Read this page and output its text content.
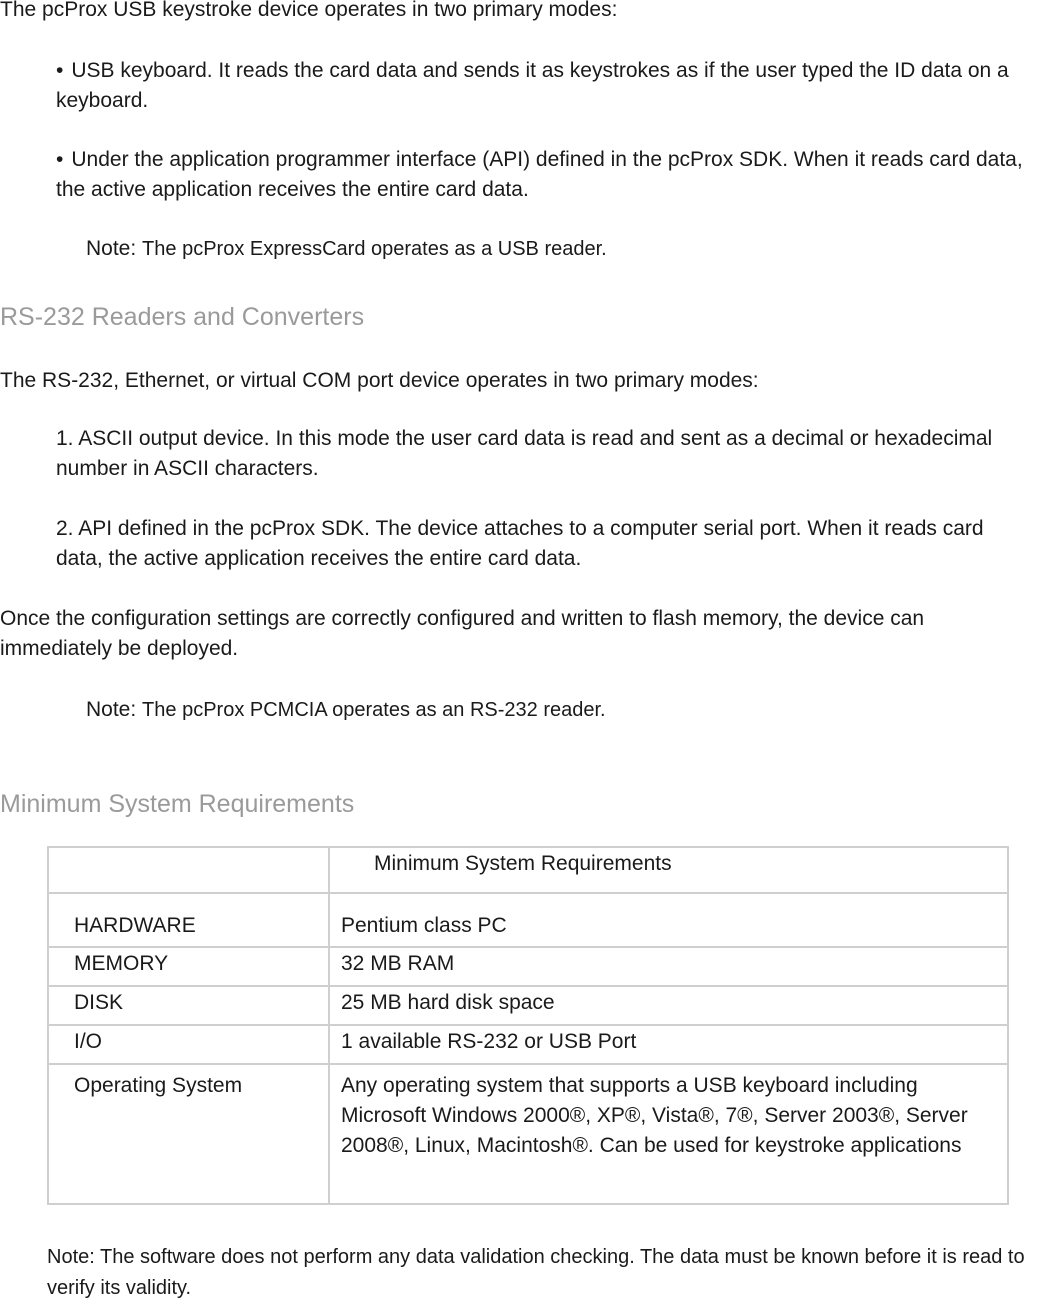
The pcProx USB keystroke device operates in two primary modes:

• USB keyboard. It reads the card data and sends it as keystrokes as if the user typed the ID data on a keyboard.

• Under the application programmer interface (API) defined in the pcProx SDK. When it reads card data, the active application receives the entire card data.

Note: The pcProx ExpressCard operates as a USB reader.

RS-232 Readers and Converters

The RS-232, Ethernet, or virtual COM port device operates in two primary modes:

1. ASCII output device. In this mode the user card data is read and sent as a decimal or hexadecimal number in ASCII characters.

2. API defined in the pcProx SDK. The device attaches to a computer serial port. When it reads card data, the active application receives the entire card data.

Once the configuration settings are correctly configured and written to flash memory, the device can immediately be deployed.

Note: The pcProx PCMCIA operates as an RS-232 reader.

Minimum System Requirements
	Minimum System Requirements
HARDWARE	Pentium class PC
MEMORY	32 MB RAM
DISK	25 MB hard disk space
I/O	1 available RS-232 or USB Port
Operating System	Any operating system that supports a USB keyboard including Microsoft Windows 2000®, XP®, Vista®, 7®, Server 2003®, Server 2008®, Linux, Macintosh®. Can be used for keystroke applications

Note: The software does not perform any data validation checking. The data must be known before it is read to verify its validity.
